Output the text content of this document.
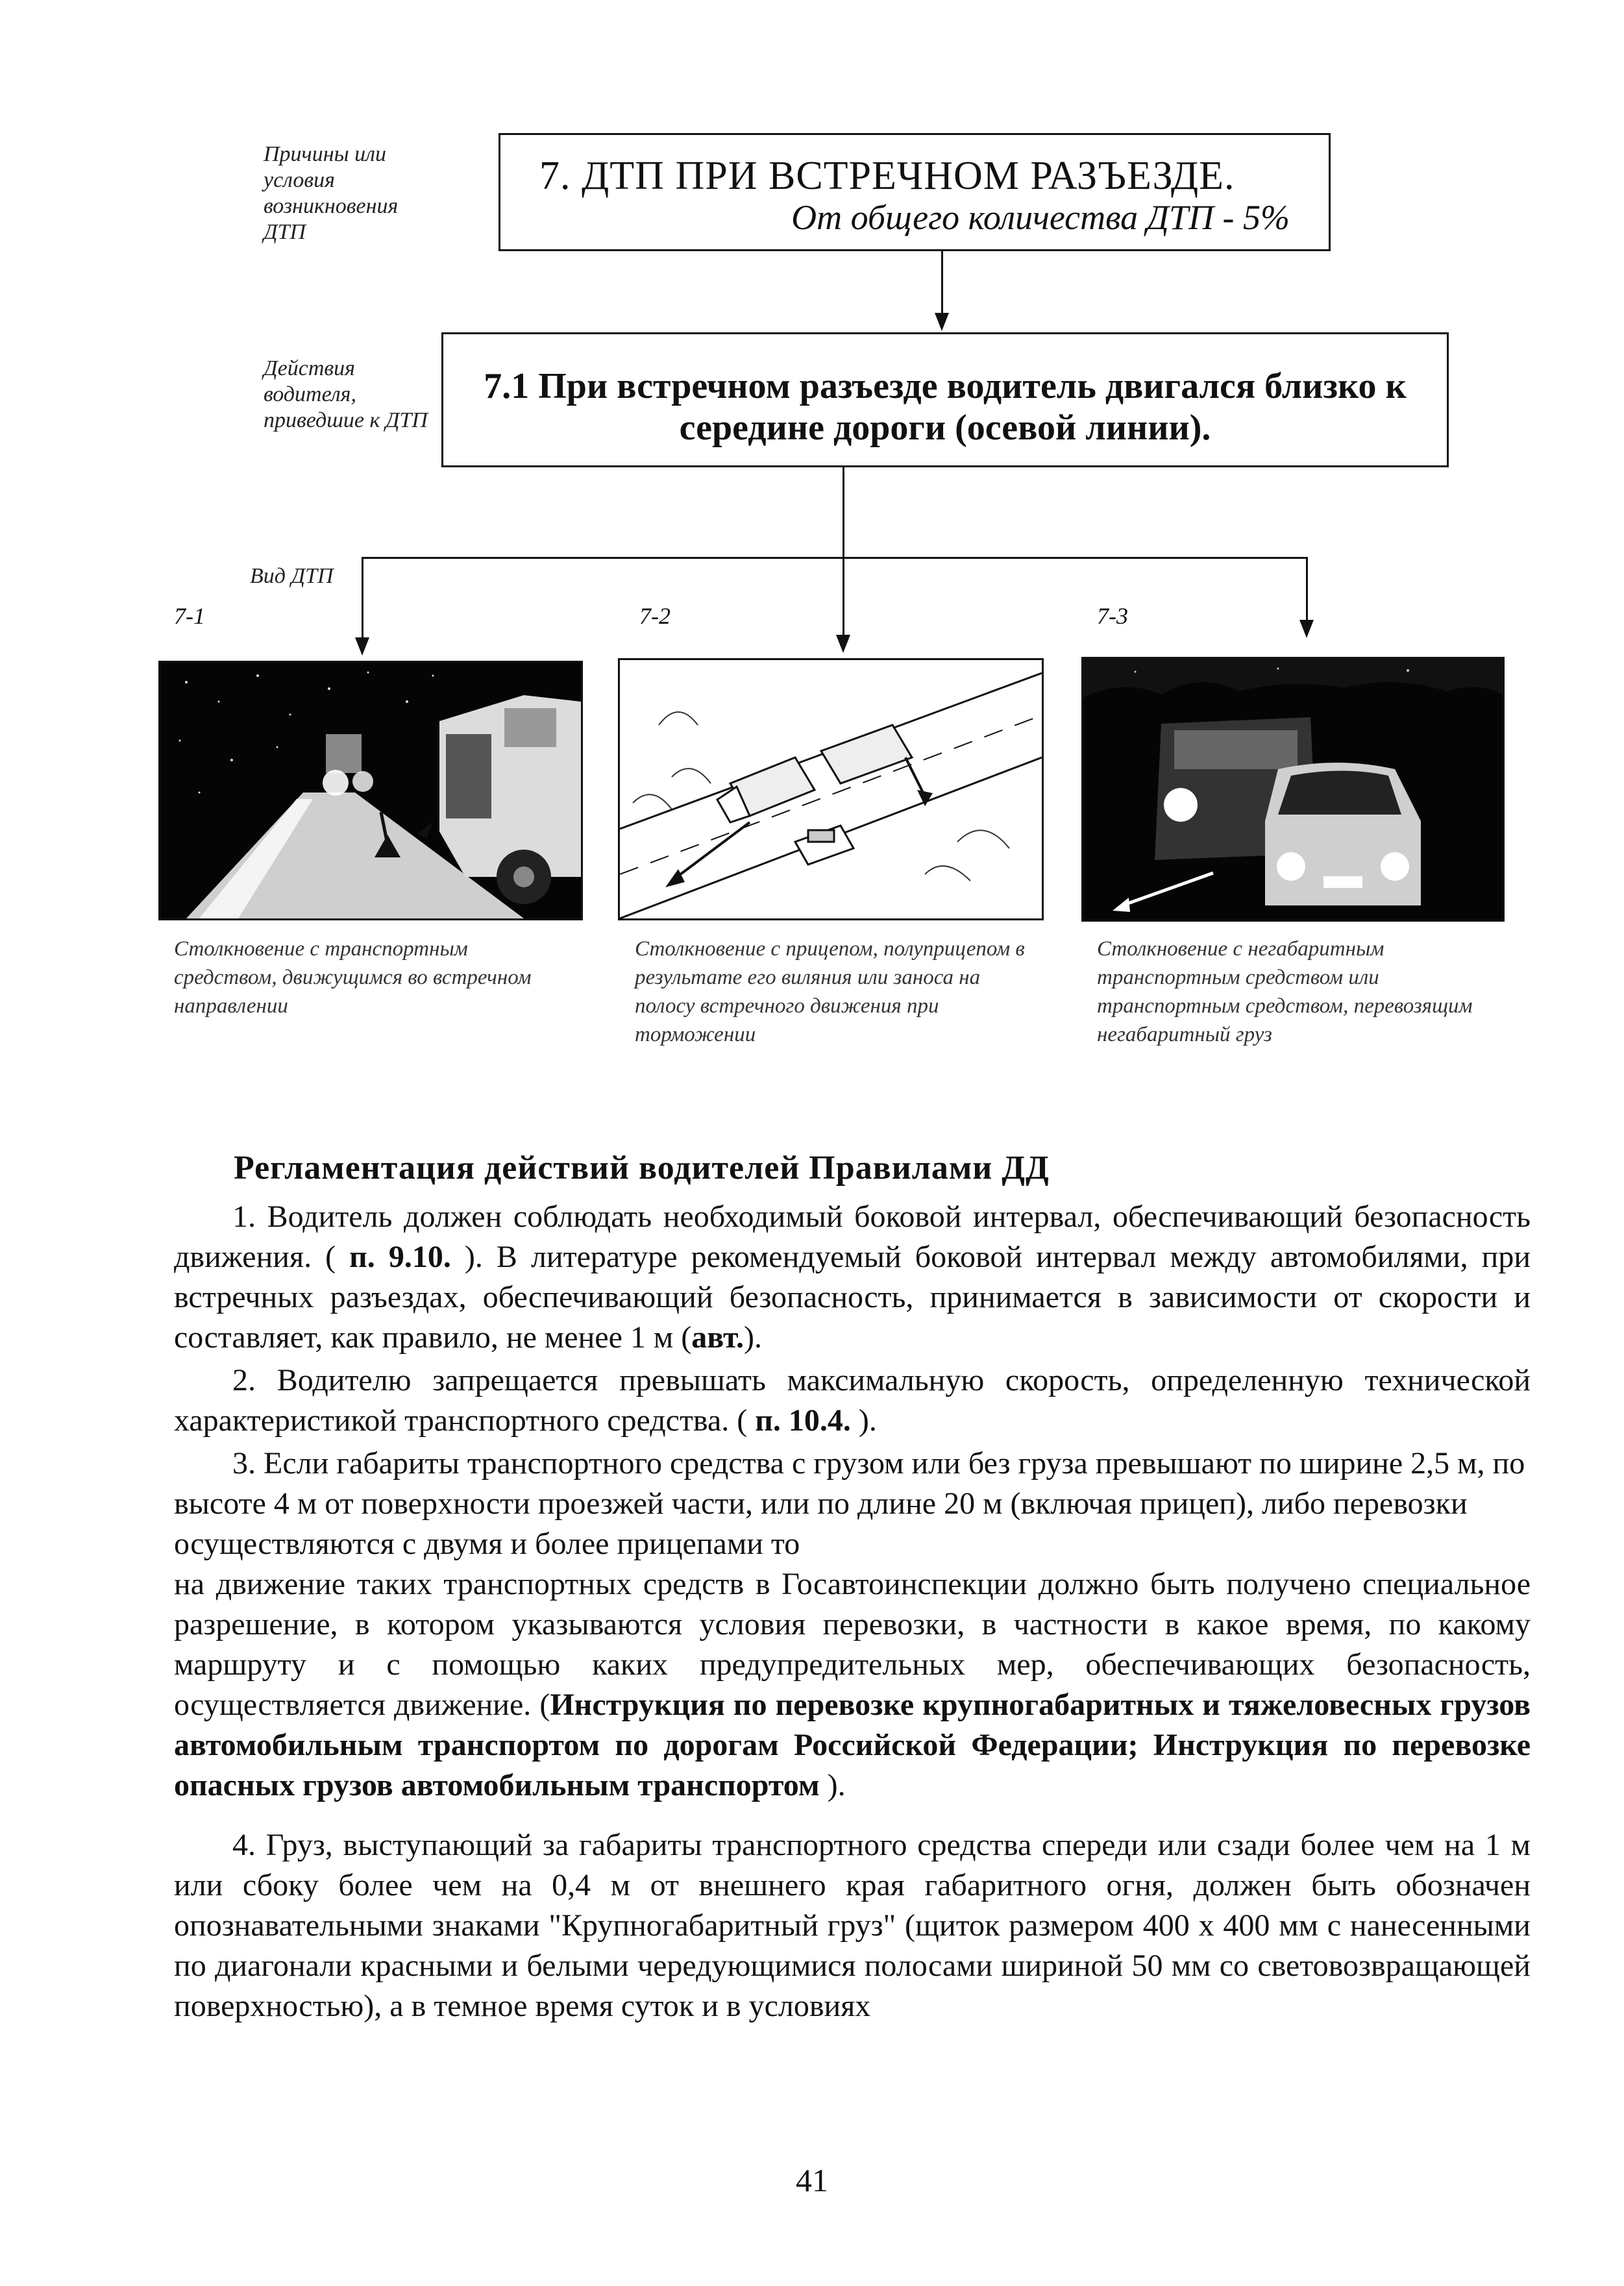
Причины или условия возникновения ДТП
Действия водителя, приведшие к ДТП
Вид ДТП
7. ДТП ПРИ ВСТРЕЧНОМ РАЗЪЕЗДЕ.
От общего количества ДТП - 5%
7.1 При встречном разъезде водитель двигался близко к середине дороги (осевой линии).
7-1	7-2	7-3
Столкновение с транспортным средством, движущимся во встречном направлении
Столкновение с прицепом, полуприцепом в результате его виляния или заноса на полосу встречного движения при торможении
Столкновение с негабаритным транспортным средством или транспортным средством, перевозящим негабаритный груз
Регламентация действий водителей Правилами ДД

1. Водитель должен соблюдать необходимый боковой интервал, обеспечивающий безопасность движения. ( п. 9.10. ). В литературе рекомендуемый боковой интервал между автомобилями, при встречных разъездах, обеспечивающий безопасность, принимается в зависимости от скорости и составляет, как правило, не менее 1 м (авт.).

2. Водителю запрещается превышать максимальную скорость, определенную технической характеристикой транспортного средства. ( п. 10.4. ).

3. Если габариты транспортного средства с грузом или без груза превышают по ширине 2,5 м, по высоте 4 м от поверхности проезжей части, или по длине 20 м (включая прицеп), либо перевозки осуществляются с двумя и более прицепами то

на движение таких транспортных средств в Госавтоинспекции должно быть получено специальное разрешение, в котором указываются условия перевозки, в частности в какое время, по какому маршруту и с помощью каких предупредительных мер, обеспечивающих безопасность, осуществляется движение. (Инструкция по перевозке крупногабаритных и тяжеловесных грузов автомобильным транспортом по дорогам Российской Федерации; Инструкция по перевозке опасных грузов автомобильным транспортом ).

4. Груз, выступающий за габариты транспортного средства спереди или сзади более чем на 1 м или сбоку более чем на 0,4 м от внешнего края габаритного огня, должен быть обозначен опознавательными знаками "Крупногабаритный груз" (щиток размером 400 x 400 мм с нанесенными по диагонали красными и белыми чередующимися полосами шириной 50 мм со световозвращающей поверхностью), а в темное время суток и в условиях

41
